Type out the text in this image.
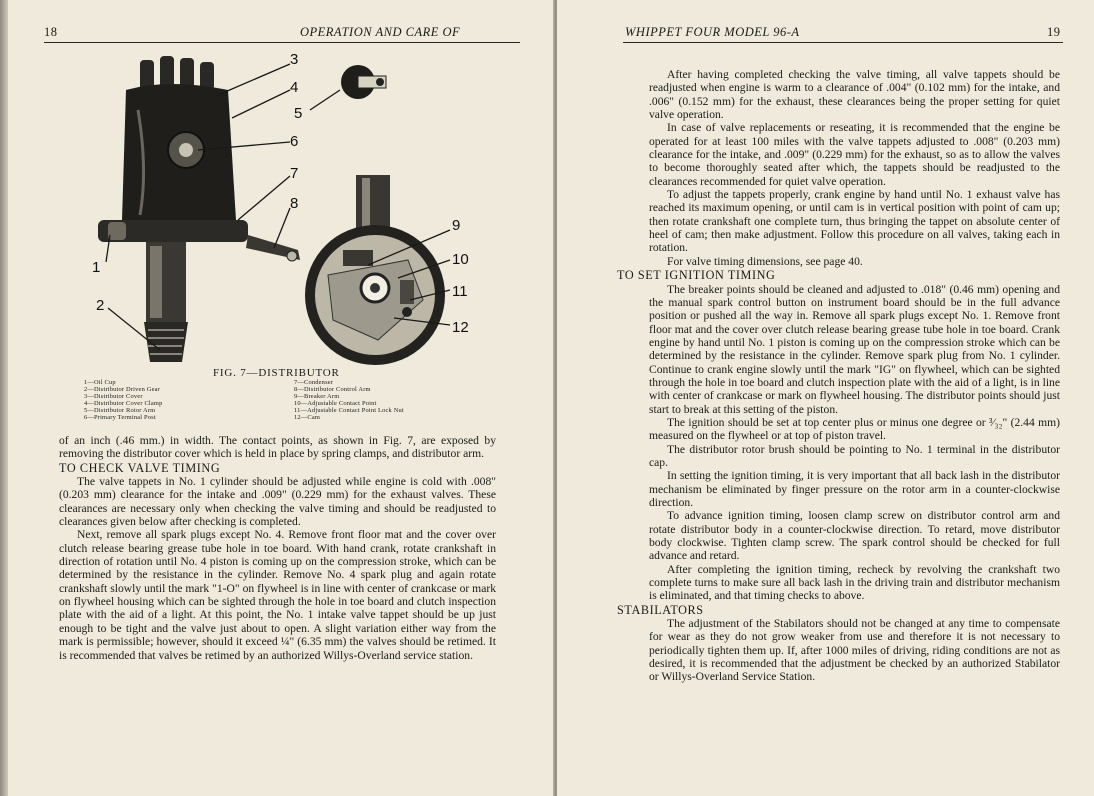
18	OPERATION AND CARE OF
3
4
5
6
7
8
1
2
9
10
11
12
FIG. 7—DISTRIBUTOR
1—Oil Cup
2—Distributor Driven Gear
3—Distributor Cover
4—Distributor Cover Clamp
5—Distributor Rotor Arm
6—Primary Terminal Post
7—Condenser
8—Distributor Control Arm
9—Breaker Arm
10—Adjustable Contact Point
11—Adjustable Contact Point Lock Nut
12—Cam

of an inch (.46 mm.) in width. The contact points, as shown in Fig. 7, are exposed by removing the distributor cover which is held in place by spring clamps, and distributor arm.

TO CHECK VALVE TIMING

The valve tappets in No. 1 cylinder should be adjusted while engine is cold with .008" (0.203 mm) clearance for the intake and .009" (0.229 mm) for the exhaust valves. These clearances are necessary only when checking the valve timing and should be readjusted to clearances given below after checking is completed.

Next, remove all spark plugs except No. 4. Remove front floor mat and the cover over clutch release bearing grease tube hole in toe board. With hand crank, rotate crankshaft in direction of rotation until No. 4 piston is coming up on the compression stroke, which can be determined by the resistance in the cylinder. Remove No. 4 spark plug and again rotate crankshaft slowly until the mark "1-O" on flywheel is in line with center of crankcase or mark on flywheel housing which can be sighted through the hole in toe board and clutch inspection plate with the aid of a light. At this point, the No. 1 intake valve tappet should be up just enough to be tight and the valve just about to open. A slight variation either way from the mark is permissible; however, should it exceed ¼" (6.35 mm) the valves should be retimed. It is recommended that valves be retimed by an authorized Willys-Overland service station.

WHIPPET FOUR MODEL 96-A	19

After having completed checking the valve timing, all valve tappets should be readjusted when engine is warm to a clearance of .004" (0.102 mm) for the intake, and .006" (0.152 mm) for the exhaust, these clearances being the proper setting for quiet valve operation.

In case of valve replacements or reseating, it is recommended that the engine be operated for at least 100 miles with the valve tappets adjusted to .008" (0.203 mm) clearance for the intake, and .009" (0.229 mm) for the exhaust, so as to allow the valves to become thoroughly seated after which, the tappets should be readjusted to the clearances recommended for quiet valve operation.

To adjust the tappets properly, crank engine by hand until No. 1 exhaust valve has reached its maximum opening, or until cam is in vertical position with point of cam up; then rotate crankshaft one complete turn, thus bringing the tappet on absolute center of heel of cam; then make adjustment. Follow this procedure on all valves, taking each in rotation.

For valve timing dimensions, see page 40.

TO SET IGNITION TIMING

The breaker points should be cleaned and adjusted to .018" (0.46 mm) opening and the manual spark control button on instrument board should be in the full advance position or pushed all the way in. Remove all spark plugs except No. 1. Remove front floor mat and the cover over clutch release bearing grease tube hole in toe board. Crank engine by hand until No. 1 piston is coming up on the compression stroke which can be determined by the resistance in the cylinder. Remove spark plug from No. 1 cylinder. Continue to crank engine slowly until the mark "IG" on flywheel, which can be sighted through the hole in toe board and clutch inspection plate with the aid of a light, is in line with center of crankcase or mark on flywheel housing. The distributor points should just start to break at this setting of the piston.

The ignition should be set at top center plus or minus one degree or ³⁄₃₂" (2.44 mm) measured on the flywheel or at top of piston travel.

The distributor rotor brush should be pointing to No. 1 terminal in the distributor cap.

In setting the ignition timing, it is very important that all back lash in the distributor mechanism be eliminated by finger pressure on the rotor arm in a counter-clockwise direction.

To advance ignition timing, loosen clamp screw on distributor control arm and rotate distributor body in a counter-clockwise direction. To retard, move distributor body clockwise. Tighten clamp screw. The spark control should be checked for full advance and retard.

After completing the ignition timing, recheck by revolving the crankshaft two complete turns to make sure all back lash in the driving train and distributor mechanism is eliminated, and that timing checks to above.

STABILATORS

The adjustment of the Stabilators should not be changed at any time to compensate for wear as they do not grow weaker from use and therefore it is not necessary to periodically tighten them up. If, after 1000 miles of driving, riding conditions are not as desired, it is recommended that the adjustment be checked by an authorized Stabilator or Willys-Overland Service Station.
